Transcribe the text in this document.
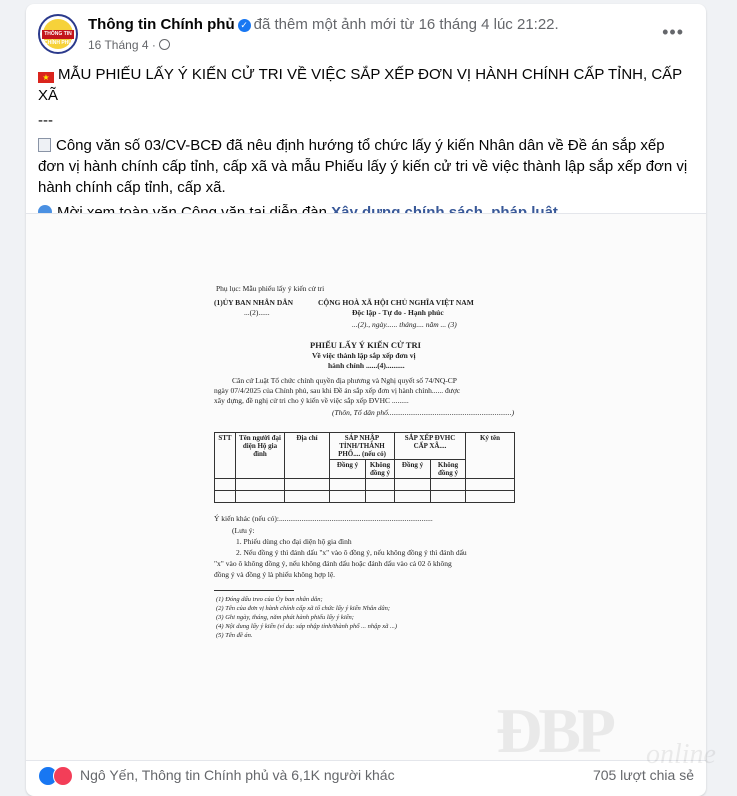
THÔNG TIN CHÍNH PHỦ
Thông tin Chính phủ ✓ đã thêm một ảnh mới từ 16 tháng 4 lúc 21:22.
16 Tháng 4 ·
•••

★ MẪU PHIẾU LẤY Ý KIẾN CỬ TRI VỀ VIỆC SẮP XẾP ĐƠN VỊ HÀNH CHÍNH CẤP TỈNH, CẤP XÃ

---

Công văn số 03/CV-BCĐ đã nêu định hướng tổ chức lấy ý kiến Nhân dân về Đề án sắp xếp đơn vị hành chính cấp tỉnh, cấp xã và mẫu Phiếu lấy ý kiến cử tri về việc thành lập sắp xếp đơn vị hành chính cấp tỉnh, cấp xã.

Phụ lục: Mẫu phiếu lấy ý kiến cử tri
(1)ỦY BAN NHÂN DÂN
...(2)......
CỘNG HOÀ XÃ HỘI CHỦ NGHĨA VIỆT NAM
Độc lập - Tự do - Hạnh phúc
...(2)., ngày...... tháng.... năm ... (3)
PHIẾU LẤY Ý KIẾN CỬ TRI
Về việc thành lập sắp xếp đơn vị
hành chính ......(4)..........
Căn cứ Luật Tổ chức chính quyền địa phương và Nghị quyết số 74/NQ-CP
ngày 07/4/2025 của Chính phủ, sau khi Đề án sắp xếp đơn vị hành chính...... được
xây dựng, đề nghị cử tri cho ý kiến về việc sắp xếp ĐVHC .........
(Thôn, Tổ dân phố..................................................................)
STT	Tên người đại diện Hộ gia đình	Địa chỉ	SÁP NHẬP TỈNH/THÀNH PHỐ.... (nếu có)		SẮP XẾP ĐVHC CẤP XÃ....		Ký tên
			Đồng ý	Không đồng ý	Đồng ý	Không đồng ý	

Ý kiến khác (nếu có):..................................................................................
(Lưu ý:
1. Phiếu dùng cho đại diện hộ gia đình
2. Nếu đồng ý thì đánh dấu "x" vào ô đồng ý, nếu không đồng ý thì đánh dấu
"x" vào ô không đồng ý, nếu không đánh dấu hoặc đánh dấu vào cả 02 ô không
đồng ý và đồng ý là phiếu không hợp lệ.
(1) Đóng dấu treo của Ủy ban nhân dân;
(2) Tên của đơn vị hành chính cấp xã tổ chức lấy ý kiến Nhân dân;
(3) Ghi ngày, tháng, năm phát hành phiếu lấy ý kiến;
(4) Nội dung lấy ý kiến (ví dụ: sáp nhập tỉnh/thành phố ... nhập xã ...)
(5) Tên đề án.
ĐBP online
Ngô Yến, Thông tin Chính phủ và 6,1K người khác	705 lượt chia sẻ
